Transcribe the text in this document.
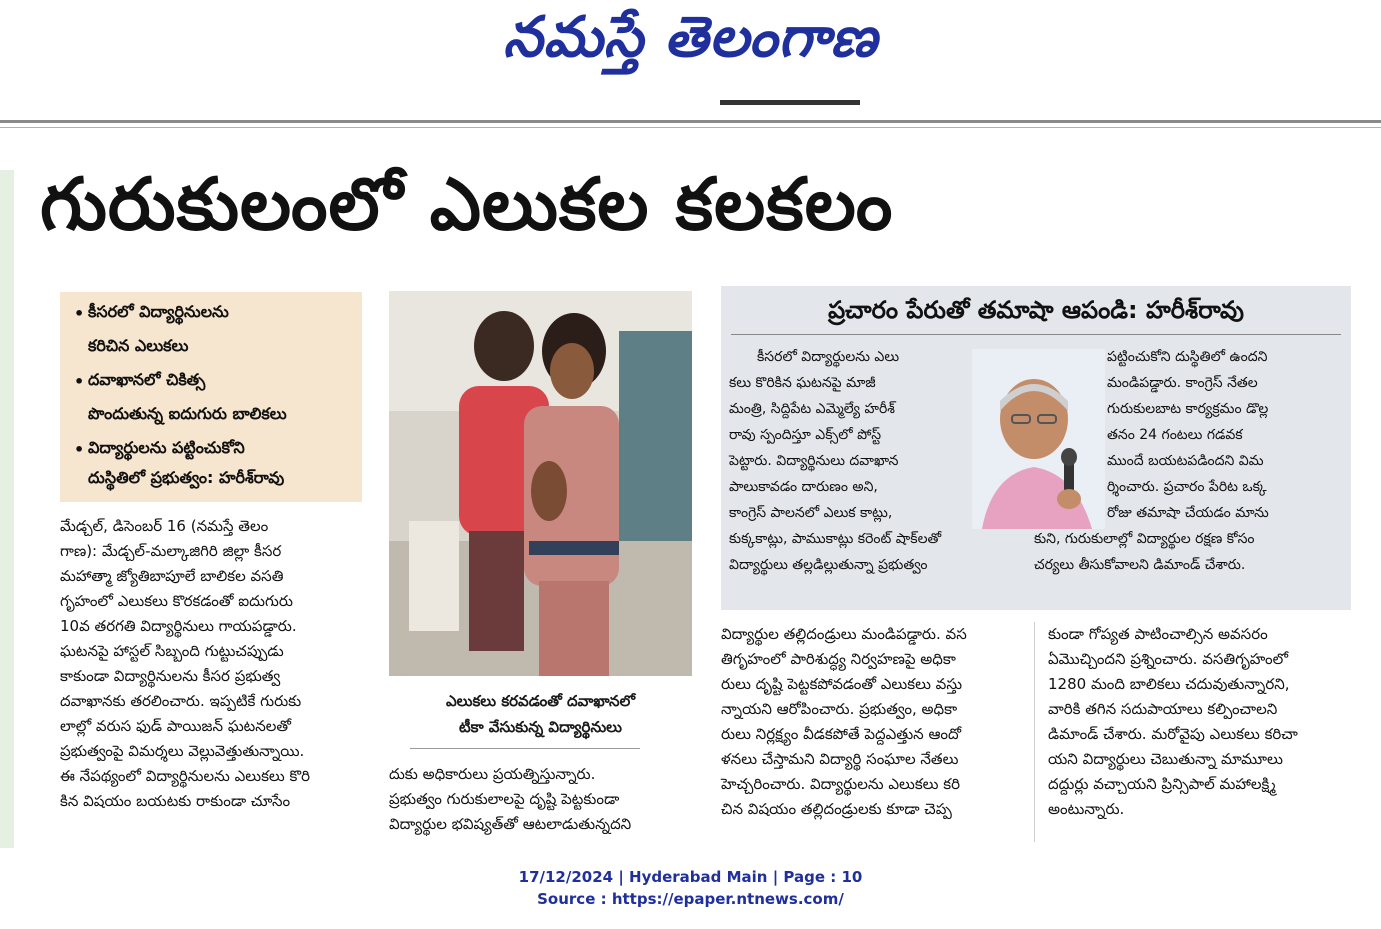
నమస్తే తెలంగాణ
గురుకులంలో ఎలుకల కలకలం
• కీసరలో విద్యార్థినులను
కరిచిన ఎలుకలు
• దవాఖానలో చికిత్స
పొందుతున్న ఐదుగురు బాలికలు
• విద్యార్థులను పట్టించుకోని
దుస్థితిలో ప్రభుత్వం: హరీశ్‌రావు
మేడ్చల్, డిసెంబర్ 16 (నమస్తే తెలం
గాణ): మేడ్చల్-మల్కాజిగిరి జిల్లా కీసర
మహాత్మా జ్యోతిబాపూలే బాలికల వసతి
గృహంలో ఎలుకలు కొరకడంతో ఐదుగురు
10వ తరగతి విద్యార్థినులు గాయపడ్డారు.
ఘటనపై హాస్టల్ సిబ్బంది గుట్టుచప్పుడు
కాకుండా విద్యార్థినులను కీసర ప్రభుత్వ
దవాఖానకు తరలించారు. ఇప్పటికే గురుకు
లాల్లో వరుస ఫుడ్ పాయిజన్ ఘటనలతో
ప్రభుత్వంపై విమర్శలు వెల్లువెత్తుతున్నాయి.
ఈ నేపథ్యంలో విద్యార్థినులను ఎలుకలు కొరి
కిన విషయం బయటకు రాకుండా చూసేం
ఎలుకలు కరవడంతో దవాఖానలో
టీకా వేసుకున్న విద్యార్థినులు
దుకు అధికారులు ప్రయత్నిస్తున్నారు.
ప్రభుత్వం గురుకులాలపై దృష్టి పెట్టకుండా
విద్యార్థుల భవిష్యత్‌తో ఆటలాడుతున్నదని
ప్రచారం పేరుతో తమాషా ఆపండి: హరీశ్‌రావు
కీసరలో విద్యార్థులను ఎలు
కలు కొరికిన ఘటనపై మాజీ
మంత్రి, సిద్దిపేట ఎమ్మెల్యే హరీశ్
రావు స్పందిస్తూ ఎక్స్‌లో పోస్ట్
పెట్టారు. విద్యార్థినులు దవాఖాన
పాలుకావడం దారుణం అని,
కాంగ్రెస్ పాలనలో ఎలుక కాట్లు,
కుక్కకాట్లు, పాముకాట్లు కరెంట్ షాక్‌లతో
విద్యార్థులు తల్లడిల్లుతున్నా ప్రభుత్వం
పట్టించుకోని దుస్థితిలో ఉందని
మండిపడ్డారు. కాంగ్రెస్ నేతల
గురుకులబాట కార్యక్రమం డొల్ల
తనం 24 గంటలు గడవక
ముందే బయటపడిందని విమ
ర్శించారు. ప్రచారం పేరిట ఒక్క
రోజు తమాషా చేయడం మాను
కుని, గురుకులాల్లో విద్యార్థుల రక్షణ కోసం
చర్యలు తీసుకోవాలని డిమాండ్ చేశారు.
విద్యార్థుల తల్లిదండ్రులు మండిపడ్డారు. వస
తిగృహంలో పారిశుద్ధ్య నిర్వహణపై అధికా
రులు దృష్టి పెట్టకపోవడంతో ఎలుకలు వస్తు
న్నాయని ఆరోపించారు. ప్రభుత్వం, అధికా
రులు నిర్లక్ష్యం వీడకపోతే పెద్దఎత్తున ఆందో
ళనలు చేస్తామని విద్యార్థి సంఘాల నేతలు
హెచ్చరించారు. విద్యార్థులను ఎలుకలు కరి
చిన విషయం తల్లిదండ్రులకు కూడా చెప్ప
కుండా గోప్యత పాటించాల్సిన అవసరం
ఏమొచ్చిందని ప్రశ్నించారు. వసతిగృహంలో
1280 మంది బాలికలు చదువుతున్నారని,
వారికి తగిన సదుపాయాలు కల్పించాలని
డిమాండ్ చేశారు. మరోవైపు ఎలుకలు కరిచా
యని విద్యార్థులు చెబుతున్నా మామూలు
దద్దుర్లు వచ్చాయని ప్రిన్సిపాల్ మహాలక్ష్మి
అంటున్నారు.
17/12/2024 | Hyderabad Main | Page : 10
Source : https://epaper.ntnews.com/
